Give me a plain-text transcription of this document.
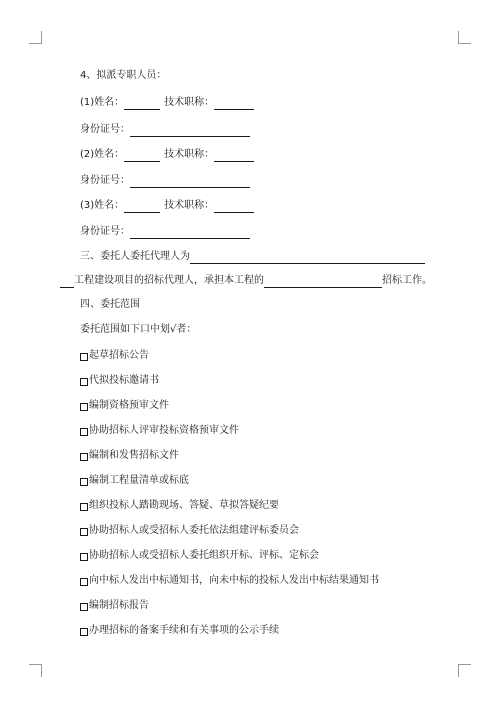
4、拟派专职人员：
(1)姓名：	技术职称：
身份证号：
(2)姓名：	技术职称：
身份证号：
(3)姓名：	技术职称：
身份证号：
三、委托人委托代理人为
工程建设项目的招标代理人，承担本工程的	招标工作。
四、委托范围
委托范围如下口中划√者：
起草招标公告
代拟投标邀请书
编制资格预审文件
协助招标人评审投标资格预审文件
编制和发售招标文件
编制工程量清单或标底
组织投标人踏勘现场、答疑、草拟答疑纪要
协助招标人或受招标人委托依法组建评标委员会
协助招标人或受招标人委托组织开标、评标、定标会
向中标人发出中标通知书，向未中标的投标人发出中标结果通知书
编制招标报告
办理招标的备案手续和有关事项的公示手续
